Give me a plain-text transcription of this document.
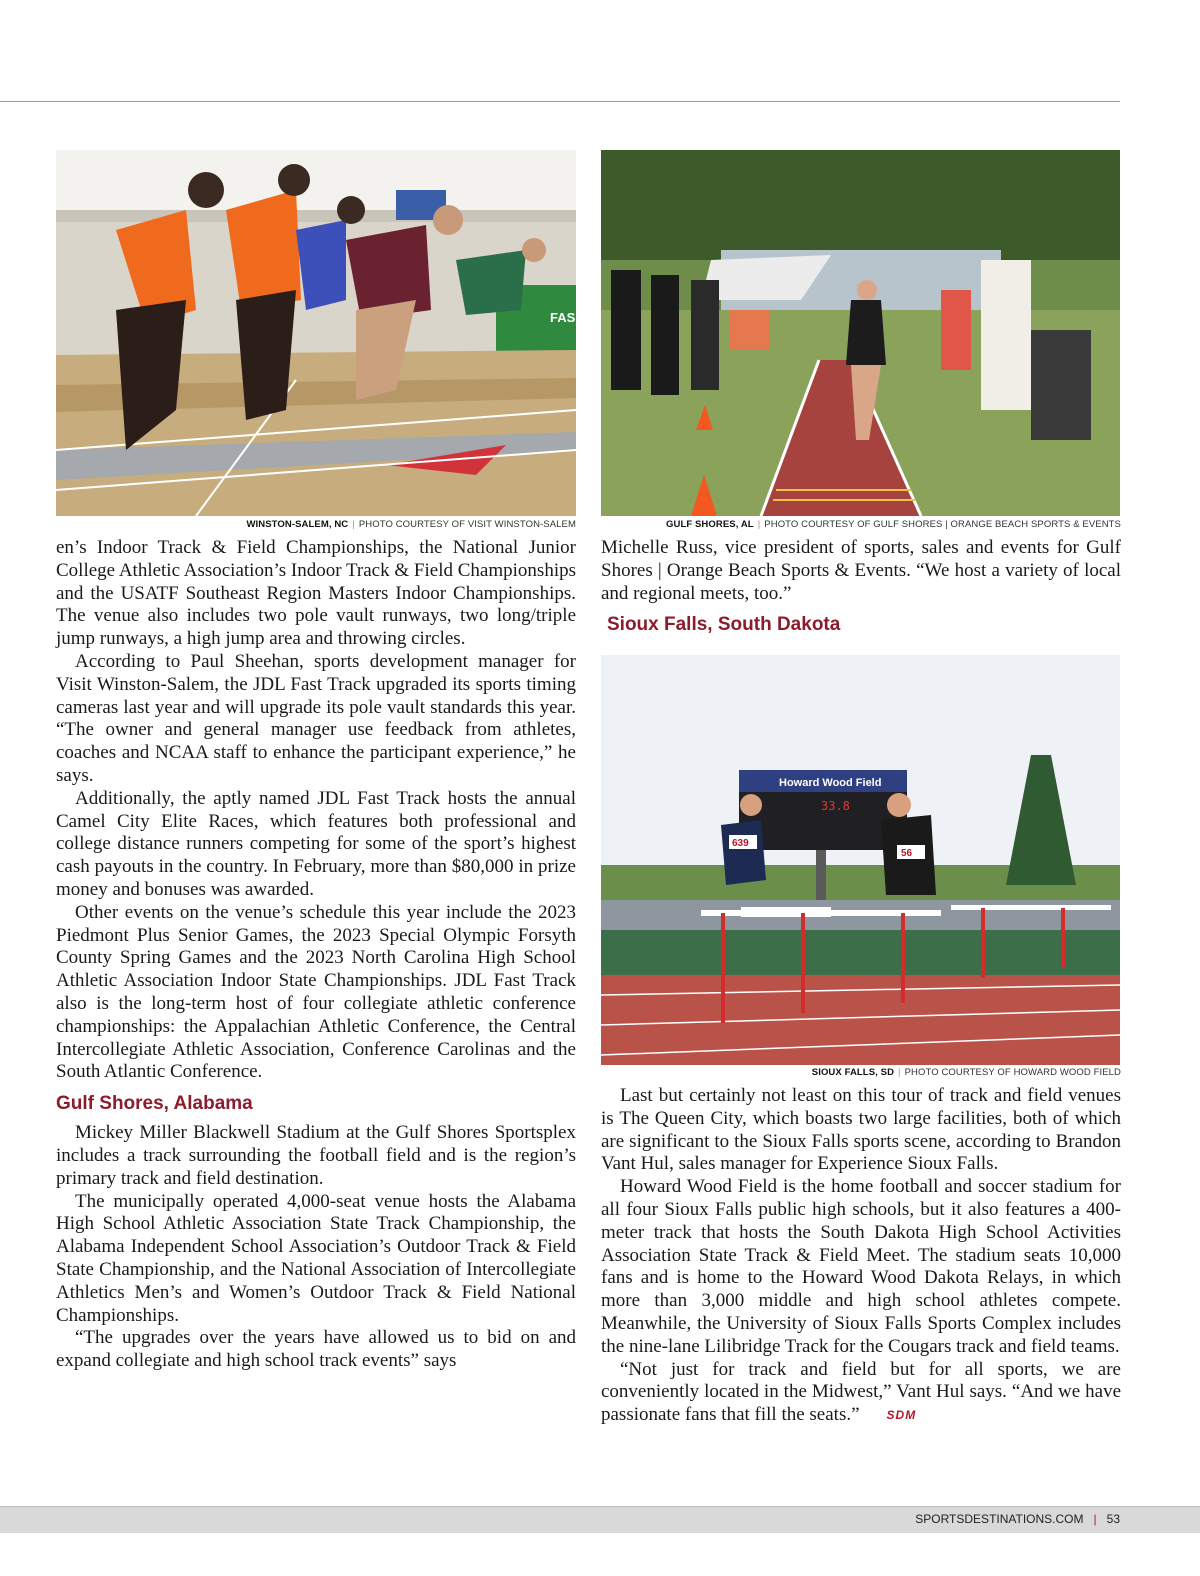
FAS
WINSTON-SALEM, NC | PHOTO COURTESY OF VISIT WINSTON-SALEM

en’s Indoor Track & Field Championships, the National Junior College Athletic Association’s Indoor Track & Field Championships and the USATF Southeast Region Masters Indoor Championships. The venue also includes two pole vault runways, two long/triple jump runways, a high jump area and throwing circles.

According to Paul Sheehan, sports development manager for Visit Winston-Salem, the JDL Fast Track upgraded its sports timing cameras last year and will upgrade its pole vault standards this year. “The owner and general manager use feedback from athletes, coaches and NCAA staff to enhance the participant experience,” he says.

Additionally, the aptly named JDL Fast Track hosts the annual Camel City Elite Races, which features both professional and college distance runners competing for some of the sport’s highest cash payouts in the country. In February, more than $80,000 in prize money and bonuses was awarded.

Other events on the venue’s schedule this year include the 2023 Piedmont Plus Senior Games, the 2023 Special Olympic Forsyth County Spring Games and the 2023 North Carolina High School Athletic Association Indoor State Championships. JDL Fast Track also is the long-term host of four collegiate athletic conference championships: the Appalachian Athletic Conference, the Central Intercollegiate Athletic Association, Conference Carolinas and the South Atlantic Conference.

Gulf Shores, Alabama

Mickey Miller Blackwell Stadium at the Gulf Shores Sportsplex includes a track surrounding the football field and is the region’s primary track and field destination.

The municipally operated 4,000-seat venue hosts the Alabama High School Athletic Association State Track Championship, the Alabama Independent School Association’s Outdoor Track & Field State Championship, and the National Association of Intercollegiate Athletics Men’s and Women’s Outdoor Track & Field National Championships.

“The upgrades over the years have allowed us to bid on and expand collegiate and high school track events” says

GULF SHORES, AL | PHOTO COURTESY OF GULF SHORES | ORANGE BEACH SPORTS & EVENTS

Michelle Russ, vice president of sports, sales and events for Gulf Shores | Orange Beach Sports & Events. “We host a variety of local and regional meets, too.”

Sioux Falls, South Dakota
Howard Wood Field
33.8
639
56
SIOUX FALLS, SD | PHOTO COURTESY OF HOWARD WOOD FIELD

Last but certainly not least on this tour of track and field venues is The Queen City, which boasts two large facilities, both of which are significant to the Sioux Falls sports scene, according to Brandon Vant Hul, sales manager for Experience Sioux Falls.

Howard Wood Field is the home football and soccer stadium for all four Sioux Falls public high schools, but it also features a 400-meter track that hosts the South Dakota High School Activities Association State Track & Field Meet. The stadium seats 10,000 fans and is home to the Howard Wood Dakota Relays, in which more than 3,000 middle and high school athletes compete. Meanwhile, the University of Sioux Falls Sports Complex includes the nine-lane Lilibridge Track for the Cougars track and field teams.

“Not just for track and field but for all sports, we are conveniently located in the Midwest,” Vant Hul says. “And we have passionate fans that fill the seats.” SDM

SPORTSDESTINATIONS.COM | 53
